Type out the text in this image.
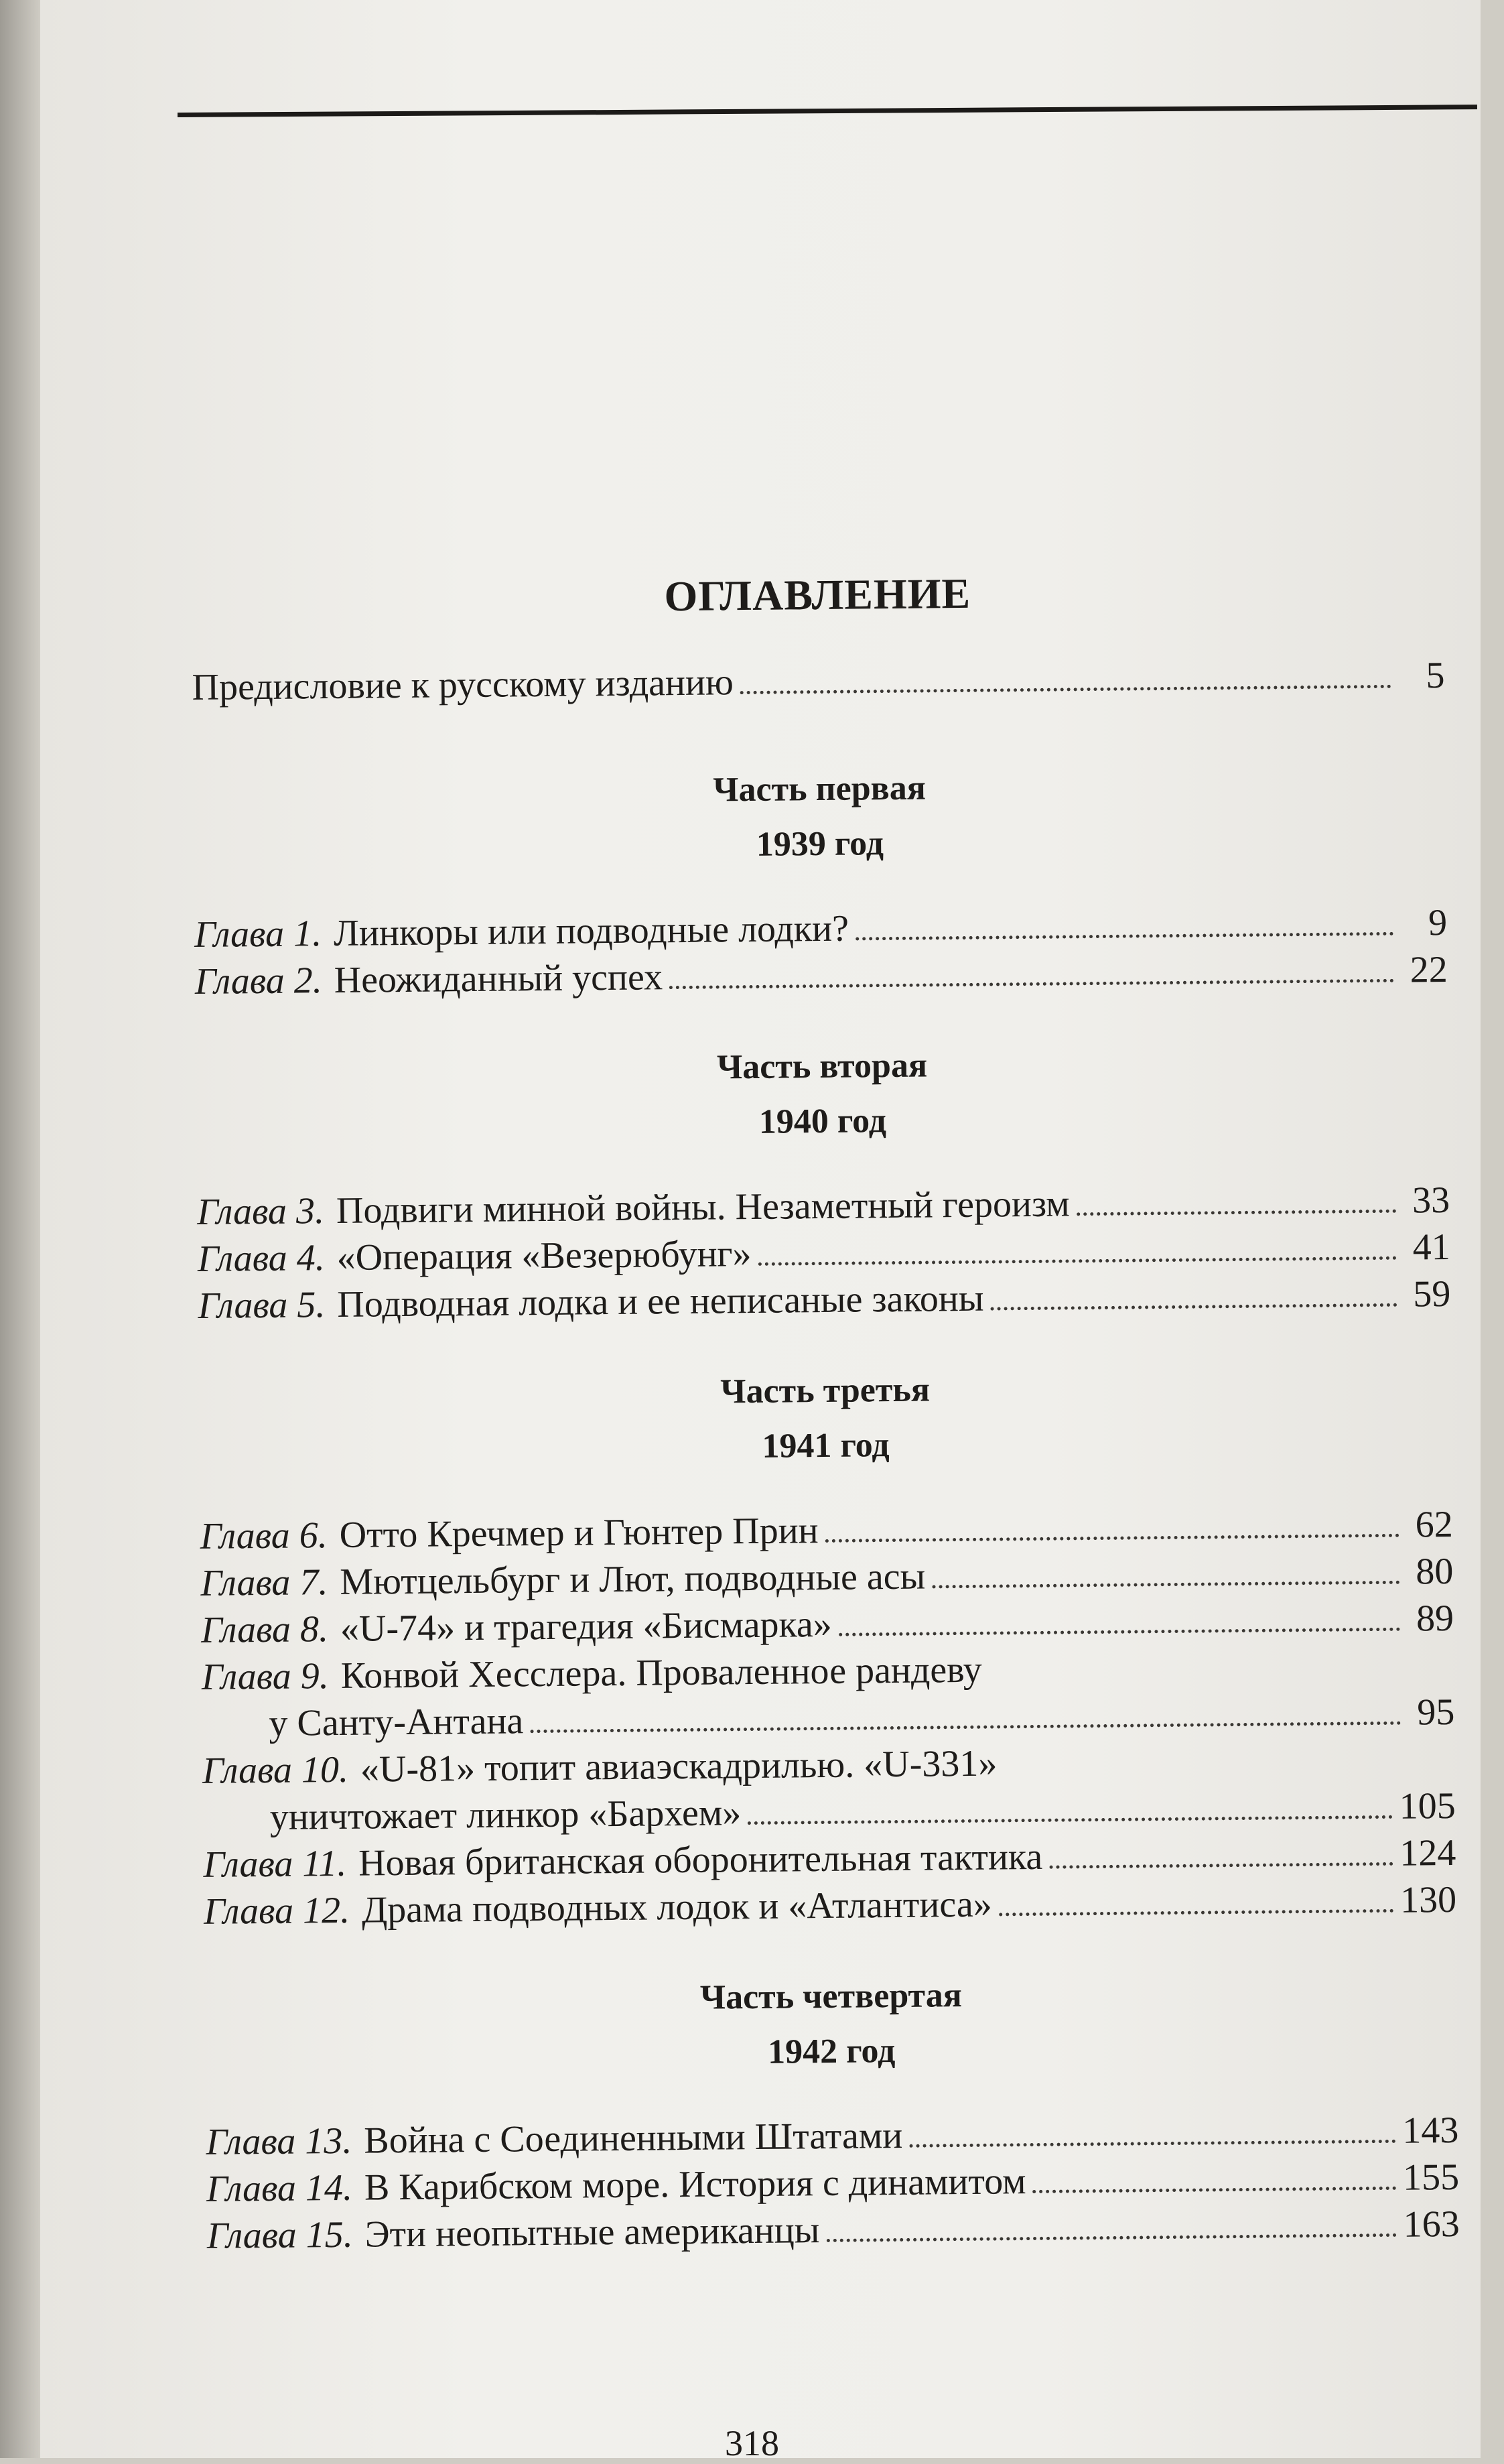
ОГЛАВЛЕНИЕ
Предисловие к русскому изданию	5
Часть первая
1939 год
Глава 1. Линкоры или подводные лодки?	9
Глава 2. Неожиданный успех	22
Часть вторая
1940 год
Глава 3. Подвиги минной войны. Незаметный героизм	33
Глава 4. «Операция «Везерюбунг»	41
Глава 5. Подводная лодка и ее неписаные законы	59
Часть третья
1941 год
Глава 6. Отто Кречмер и Гюнтер Прин	62
Глава 7. Мютцельбург и Лют, подводные асы	80
Глава 8. «U-74» и трагедия «Бисмарка»	89
Глава 9. Конвой Хесслера. Проваленное рандеву
у Санту-Антана	95
Глава 10. «U-81» топит авиаэскадрилью. «U-331»
уничтожает линкор «Бархем»	105
Глава 11. Новая британская оборонительная тактика	124
Глава 12. Драма подводных лодок и «Атлантиса»	130
Часть четвертая
1942 год
Глава 13. Война с Соединенными Штатами	143
Глава 14. В Карибском море. История с динамитом	155
Глава 15. Эти неопытные американцы	163
318
